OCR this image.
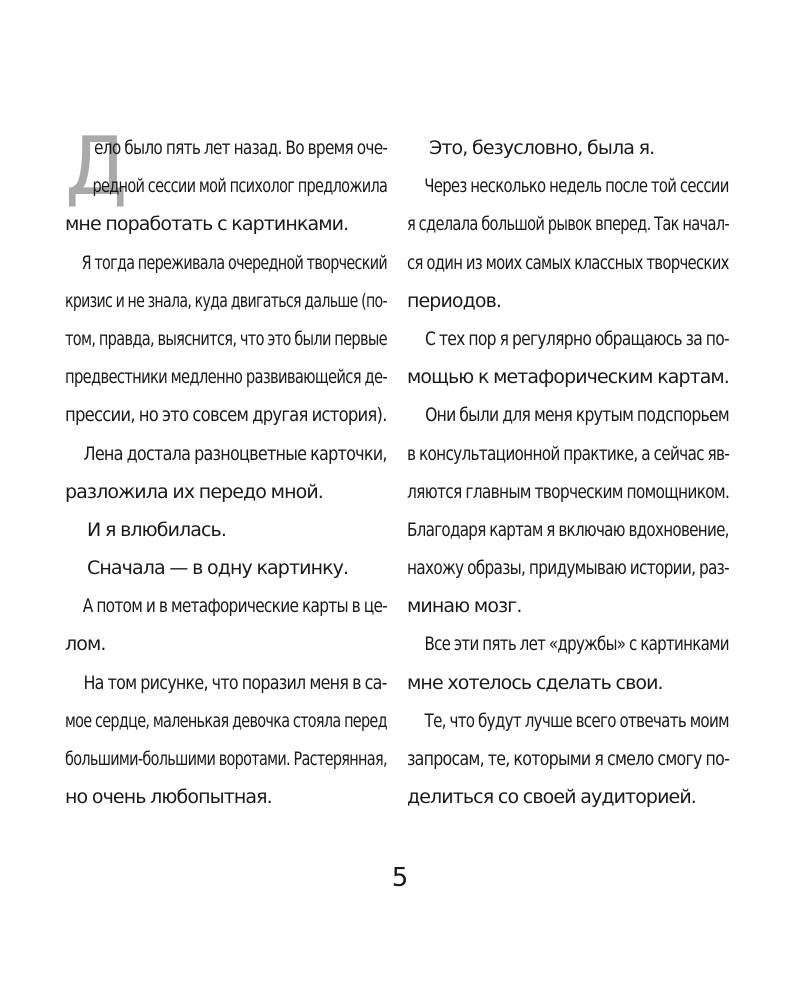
Д
ело было пять лет назад. Во время оче-
редной сессии мой психолог предложила
мне поработать с картинками.
Я тогда переживала очередной творческий
кризис и не знала, куда двигаться дальше (по-
том, правда, выяснится, что это были первые
предвестники медленно развивающейся де-
прессии, но это совсем другая история).
Лена достала разноцветные карточки,
разложила их передо мной.
И я влюбилась.
Сначала — в одну картинку.
А потом и в метафорические карты в це-
лом.
На том рисунке, что поразил меня в са-
мое сердце, маленькая девочка стояла перед
большими-большими воротами. Растерянная,
но очень любопытная.
Это, безусловно, была я.
Через несколько недель после той сессии
я сделала большой рывок вперед. Так начал-
ся один из моих самых классных творческих
периодов.
С тех пор я регулярно обращаюсь за по-
мощью к метафорическим картам.
Они были для меня крутым подспорьем
в консультационной практике, а сейчас яв-
ляются главным творческим помощником.
Благодаря картам я включаю вдохновение,
нахожу образы, придумываю истории, раз-
минаю мозг.
Все эти пять лет «дружбы» с картинками
мне хотелось сделать свои.
Те, что будут лучше всего отвечать моим
запросам, те, которыми я смело смогу по-
делиться со своей аудиторией.
5
